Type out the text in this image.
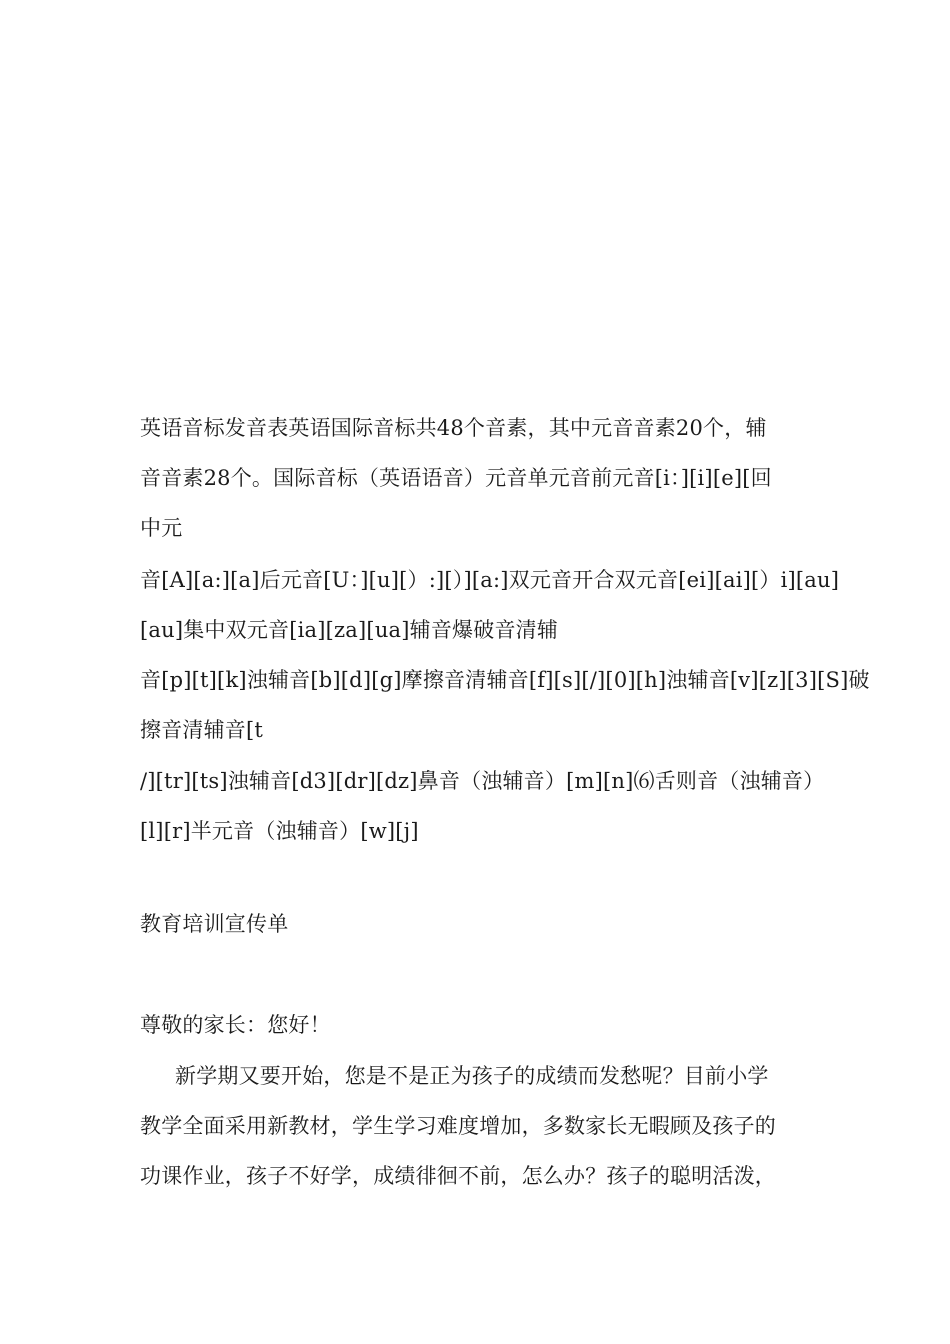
英语音标发音表英语国际音标共48个音素，其中元音音素20个，辅
音音素28个。国际音标（英语语音）元音单元音前元音[i：][i][e][回
中元
音[A][a:][a]后元音[U：][u][）:][）][a:]双元音开合双元音[ei][ai][）i][au]
[au]集中双元音[ia][za][ua]辅音爆破音清辅
音[p][t][k]浊辅音[b][d][g]摩擦音清辅音[f][s][/][0][h]浊辅音[v][z][3][S]破
擦音清辅音[t
/][tr][ts]浊辅音[d3][dr][dz]鼻音（浊辅音）[m][n]⑹舌则音（浊辅音）
[l][r]半元音（浊辅音）[w][j]
教育培训宣传单
尊敬的家长：您好！
新学期又要开始，您是不是正为孩子的成绩而发愁呢？目前小学
教学全面采用新教材，学生学习难度增加，多数家长无暇顾及孩子的
功课作业，孩子不好学，成绩徘徊不前，怎么办？孩子的聪明活泼，
